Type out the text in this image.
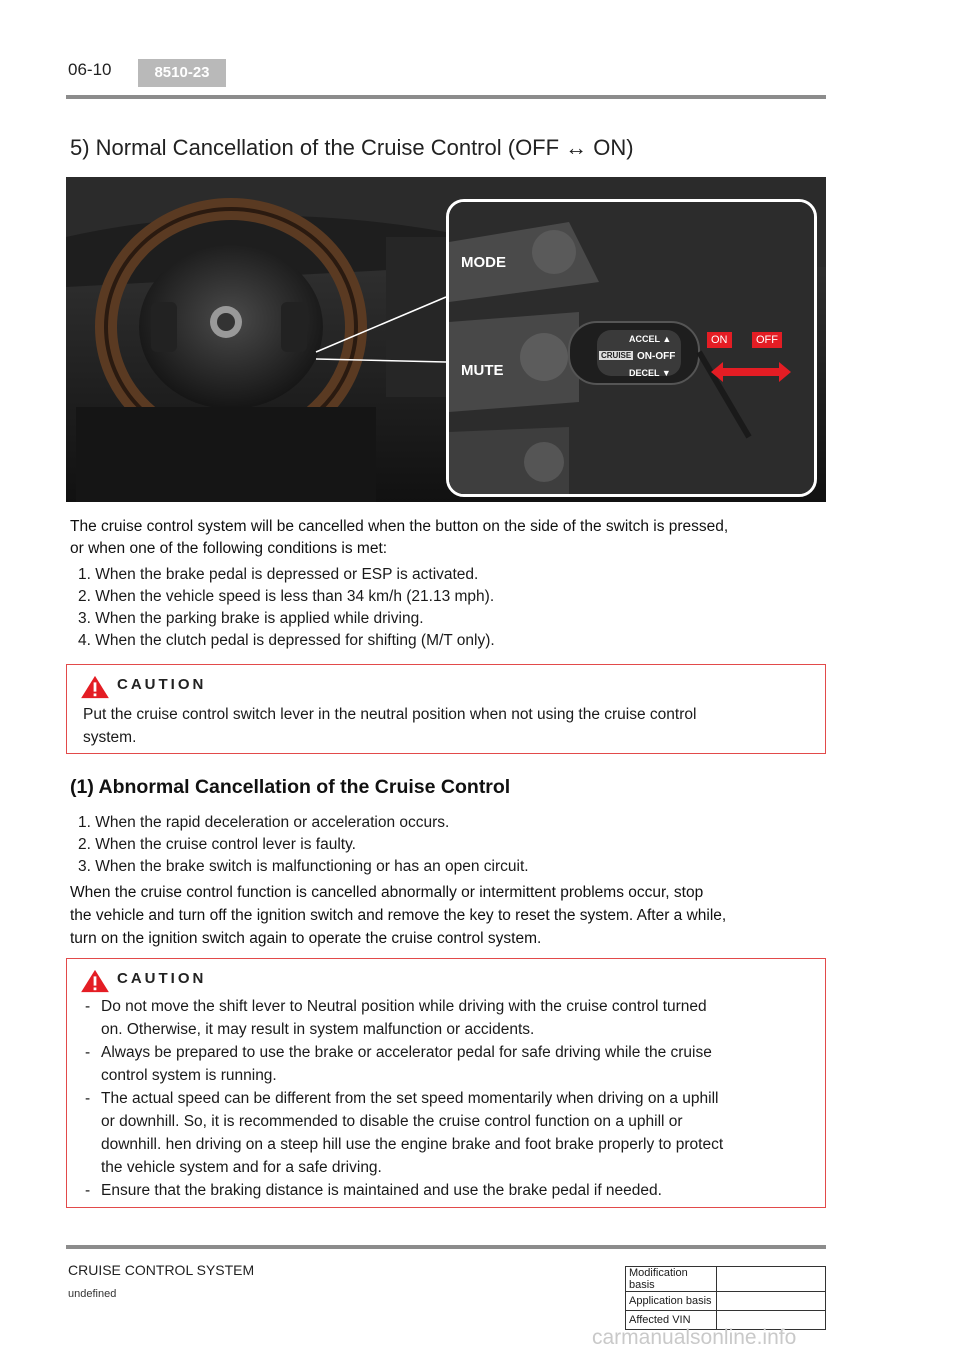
06-10	8510-23
5) Normal Cancellation of the Cruise Control (OFF ↔ ON)
MODE
MUTE
ACCEL ▲
CRUISE ON-OFF
DECEL ▼
ON	OFF

The cruise control system will be cancelled when the button on the side of the switch is pressed,

or when one of the following conditions is met:

1. When the brake pedal is depressed or ESP is activated.
2. When the vehicle speed is less than 34 km/h (21.13 mph).
3. When the parking brake is applied while driving.
4. When the clutch pedal is depressed for shifting (M/T only).
CAUTION

Put the cruise control switch lever in the neutral position when not using the cruise control

system.

(1) Abnormal Cancellation of the Cruise Control
1. When the rapid deceleration or acceleration occurs.
2. When the cruise control lever is faulty.
3. When the brake switch is malfunctioning or has an open circuit.

When the cruise control function is cancelled abnormally or intermittent problems occur, stop

the vehicle and turn off the ignition switch and remove the key to reset the system. After a while,

turn on the ignition switch again to operate the cruise control system.

CAUTION
- Do not move the shift lever to Neutral position while driving with the cruise control turned
on. Otherwise, it may result in system malfunction or accidents.
- Always be prepared to use the brake or accelerator pedal for safe driving while the cruise
control system is running.
- The actual speed can be different from the set speed momentarily when driving on a uphill
or downhill. So, it is recommended to disable the cruise control function on a uphill or
downhill. hen driving on a steep hill use the engine brake and foot brake properly to protect
the vehicle system and for a safe driving.
- Ensure that the braking distance is maintained and use the brake pedal if needed.
CRUISE CONTROL SYSTEM
undefined
Modification basis	
Application basis	
Affected VIN	
carmanualsonline.info
